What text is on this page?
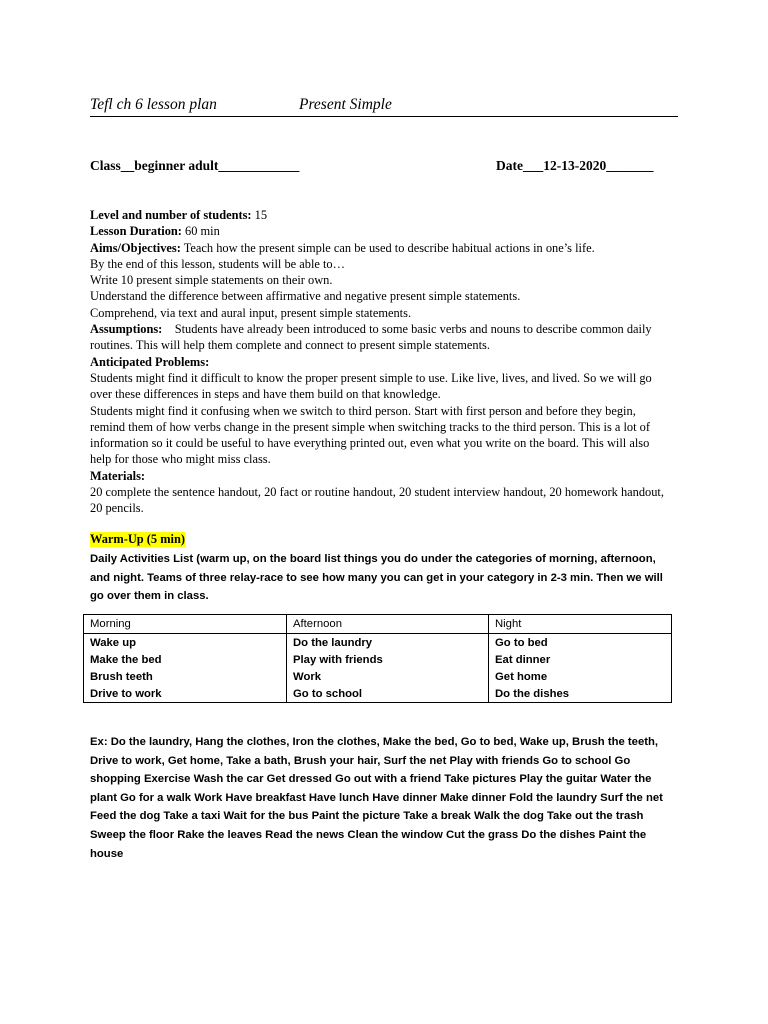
Tefl ch 6 lesson plan	Present Simple
Class__beginner adult____________	Date___12-13-2020_______

Level and number of students: 15

Lesson Duration: 60 min

Aims/Objectives: Teach how the present simple can be used to describe habitual actions in one’s life.

By the end of this lesson, students will be able to…

Write 10 present simple statements on their own.

Understand the difference between affirmative and negative present simple statements.

Comprehend, via text and aural input, present simple statements.

Assumptions:    Students have already been introduced to some basic verbs and nouns to describe common daily routines. This will help them complete and connect to present simple statements.

Anticipated Problems:

Students might find it difficult to know the proper present simple to use. Like live, lives, and lived. So we will go over these differences in steps and have them build on that knowledge.

Students might find it confusing when we switch to third person. Start with first person and before they begin, remind them of how verbs change in the present simple when switching tracks to the third person. This is a lot of information so it could be useful to have everything printed out, even what you write on the board. This will also help for those who might miss class.

Materials:

20 complete the sentence handout, 20 fact or routine handout, 20 student interview handout, 20 homework handout, 20 pencils.

Warm-Up (5 min)
Daily Activities List (warm up, on the board list things you do under the categories of morning, afternoon, and night. Teams of three relay-race to see how many you can get in your category in 2-3 min. Then we will go over them in class.
Morning	Afternoon	Night
Wake up	Do the laundry	Go to bed
Make the bed	Play with friends	Eat dinner
Brush teeth	Work	Get home
Drive to work	Go to school	Do the dishes
Ex: Do the laundry, Hang the clothes, Iron the clothes, Make the bed, Go to bed, Wake up, Brush the teeth, Drive to work, Get home, Take a bath, Brush your hair, Surf the net Play with friends Go to school Go shopping Exercise Wash the car Get dressed Go out with a friend Take pictures Play the guitar Water the plant Go for a walk Work Have breakfast Have lunch Have dinner Make dinner Fold the laundry Surf the net Feed the dog Take a taxi Wait for the bus Paint the picture Take a break Walk the dog Take out the trash Sweep the floor Rake the leaves Read the news Clean the window Cut the grass Do the dishes Paint the house
